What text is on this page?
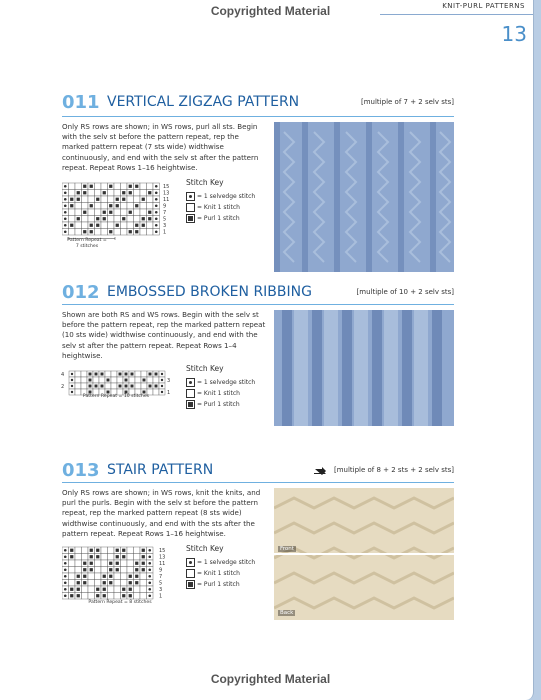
Copyrighted Material	KNIT-PURL PATTERNS
13
011 VERTICAL ZIGZAG PATTERN	[multiple of 7 + 2 selv sts]
Only RS rows are shown; in WS rows, purl all sts. Begin with the selv st before the pattern repeat, rep the marked pattern repeat (7 sts wide) widthwise continuously, and end with the selv st after the pattern repeat. Repeat Rows 1–16 heightwise.
15
13
11
9
7
5
3
1
Pattern Repeat = 7 stitches
Stitch Key
= 1 selvedge stitch
= Knit 1 stitch
= Purl 1 stitch
012 EMBOSSED BROKEN RIBBING	[multiple of 10 + 2 selv sts]
Shown are both RS and WS rows. Begin with the selv st before the pattern repeat, rep the marked pattern repeat (10 sts wide) widthwise continuously, and end with the selv st after the pattern repeat. Repeat Rows 1–4 heightwise.
4
2
3
1
Pattern Repeat = 10 stitches
Stitch Key
= 1 selvedge stitch
= Knit 1 stitch
= Purl 1 stitch
013 STAIR PATTERN	[multiple of 8 + 2 sts + 2 selv sts]
Only RS rows are shown; in WS rows, knit the knits, and purl the purls. Begin with the selv st before the pattern repeat, rep the marked pattern repeat (8 sts wide) widthwise continuously, and end with the sts after the pattern repeat. Repeat Rows 1–16 heightwise.
15
13
11
9
7
5
3
1
Pattern Repeat = 8 stitches
Stitch Key
= 1 selvedge stitch
= Knit 1 stitch
= Purl 1 stitch
Front
Back
Copyrighted Material
